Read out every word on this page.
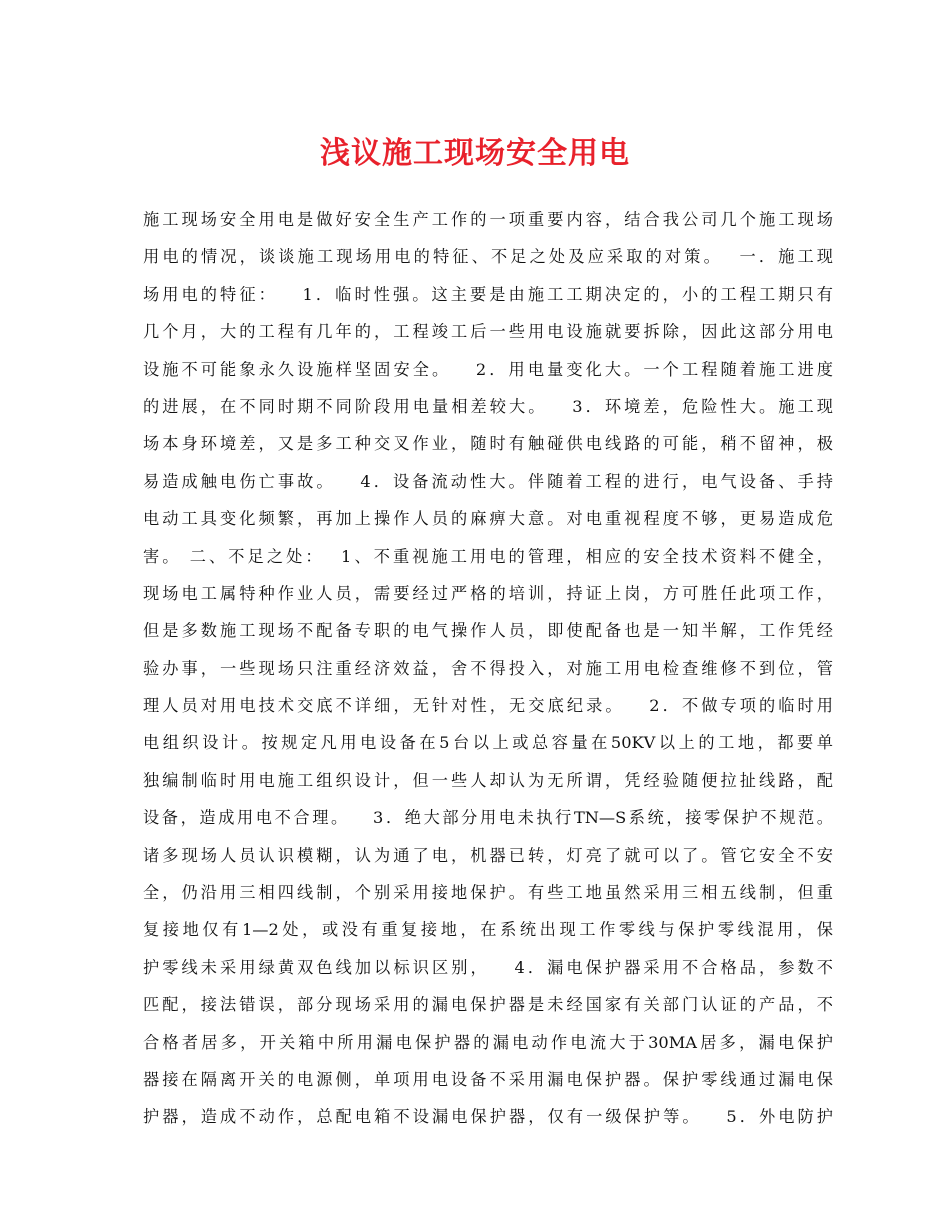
浅议施工现场安全用电
施工现场安全用电是做好安全生产工作的一项重要内容，结合我公司几个施工现场
用电的情况，谈谈施工现场用电的特征、不足之处及应采取的对策。  一．施工现
场用电的特征：   1．临时性强。这主要是由施工工期决定的，小的工程工期只有
几个月，大的工程有几年的，工程竣工后一些用电设施就要拆除，因此这部分用电
设施不可能象永久设施样坚固安全。   2．用电量变化大。一个工程随着施工进度
的进展，在不同时期不同阶段用电量相差较大。   3．环境差，危险性大。施工现
场本身环境差，又是多工种交叉作业，随时有触碰供电线路的可能，稍不留神，极
易造成触电伤亡事故。   4．设备流动性大。伴随着工程的进行，电气设备、手持
电动工具变化频繁，再加上操作人员的麻痹大意。对电重视程度不够，更易造成危
害。 二、不足之处：  1、不重视施工用电的管理，相应的安全技术资料不健全，
现场电工属特种作业人员，需要经过严格的培训，持证上岗，方可胜任此项工作，
但是多数施工现场不配备专职的电气操作人员，即使配备也是一知半解，工作凭经
验办事，一些现场只注重经济效益，舍不得投入，对施工用电检查维修不到位，管
理人员对用电技术交底不详细，无针对性，无交底纪录。   2．不做专项的临时用
电组织设计。按规定凡用电设备在5台以上或总容量在50KV以上的工地，都要单
独编制临时用电施工组织设计，但一些人却认为无所谓，凭经验随便拉扯线路，配
设备，造成用电不合理。   3．绝大部分用电未执行TN—S系统，接零保护不规范。
诸多现场人员认识模糊，认为通了电，机器已转，灯亮了就可以了。管它安全不安
全，仍沿用三相四线制，个别采用接地保护。有些工地虽然采用三相五线制，但重
复接地仅有1—2处，或没有重复接地，在系统出现工作零线与保护零线混用，保
护零线未采用绿黄双色线加以标识区别，   4．漏电保护器采用不合格品，参数不
匹配，接法错误，部分现场采用的漏电保护器是未经国家有关部门认证的产品，不
合格者居多，开关箱中所用漏电保护器的漏电动作电流大于30MA居多，漏电保护
器接在隔离开关的电源侧，单项用电设备不采用漏电保护器。保护零线通过漏电保
护器，造成不动作，总配电箱不设漏电保护器，仅有一级保护等。   5．外电防护
